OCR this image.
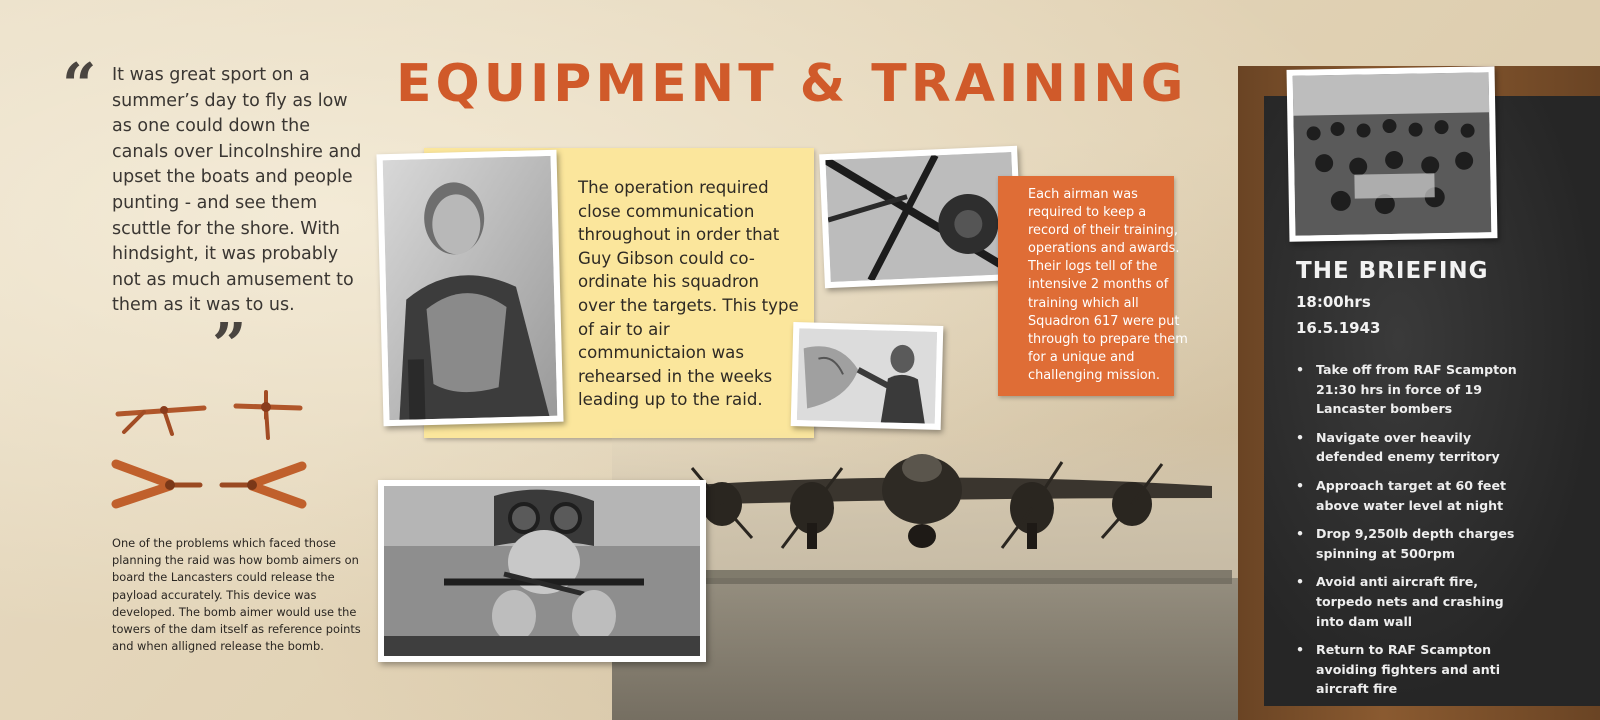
“ It was great sport on a summer’s day to fly as low as one could down the canals over Lincolnshire and upset the boats and people punting - and see them scuttle for the shore. With hindsight, it was probably not as much amusement to them as it was to us.

”

One of the problems which faced those planning the raid was how bomb aimers on board the Lancasters could release the payload accurately. This device was developed. The bomb aimer would use the towers of the dam itself as reference points and when alligned release the bomb.

EQUIPMENT & TRAINING

The operation required close communication throughout in order that Guy Gibson could co-ordinate his squadron over the targets. This type of air to air communictaion was rehearsed in the weeks leading up to the raid.

Each airman was required to keep a record of their training, operations and awards. Their logs tell of the intensive 2 months of training which all Squadron 617 were put through to prepare them for a unique and challenging mission.

THE BRIEFING

18:00hrs

16.5.1943

• Take off from RAF Scampton 21:30 hrs in force of 19 Lancaster bombers
• Navigate over heavily defended enemy territory
• Approach target at 60 feet above water level at night
• Drop 9,250lb depth charges spinning at 500rpm
• Avoid anti aircraft fire, torpedo nets and crashing into dam wall
• Return to RAF Scampton avoiding fighters and anti aircraft fire
